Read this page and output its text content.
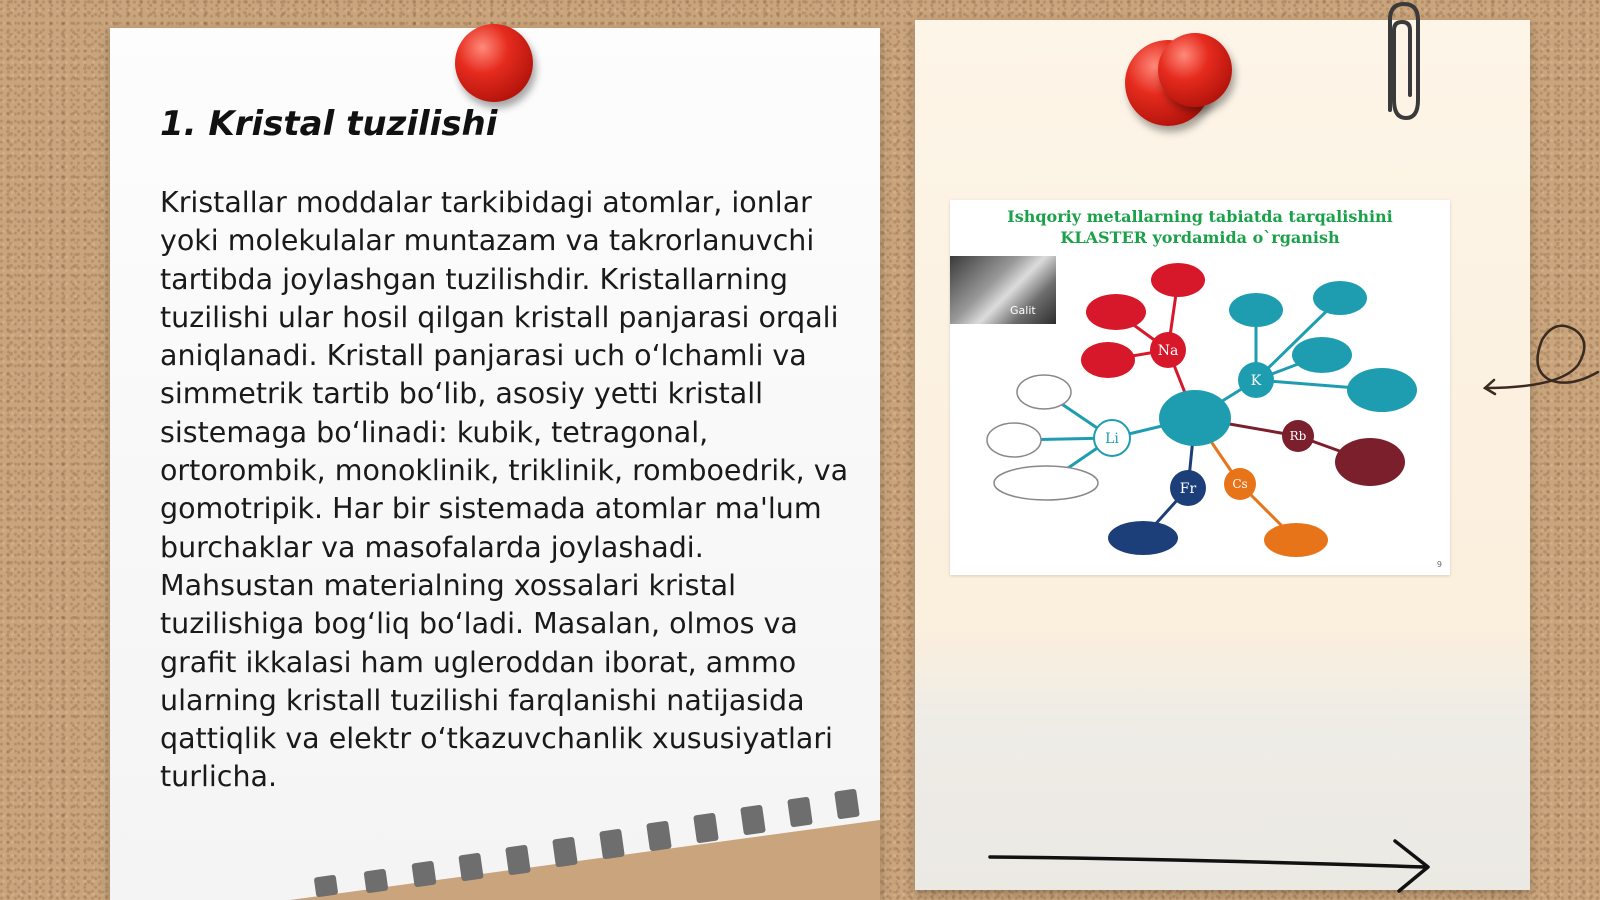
1. Kristal tuzilishi

Kristallar moddalar tarkibidagi atomlar, ionlar yoki molekulalar muntazam va takrorlanuvchi tartibda joylashgan tuzilishdir. Kristallarning tuzilishi ular hosil qilgan kristall panjarasi orqali aniqlanadi. Kristall panjarasi uch o‘lchamli va simmetrik tartib bo‘lib, asosiy yetti kristall sistemaga bo‘linadi: kubik, tetragonal, ortorombik, monoklinik, triklinik, romboedrik, va gomotripik. Har bir sistemada atomlar ma'lum burchaklar va masofalarda joylashadi. Mahsustan materialning xossalari kristal tuzilishiga bog‘liq bo‘ladi. Masalan, olmos va grafit ikkalasi ham ugleroddan iborat, ammo ularning kristall tuzilishi farqlanishi natijasida qattiqlik va elektr o‘tkazuvchanlik xususiyatlari turlicha.

Ishqoriy metallarning tabiatda tarqalishini
KLASTER yordamida o`rganish
Galit
Na
K
Li	Rb
Cs
Fr
9
